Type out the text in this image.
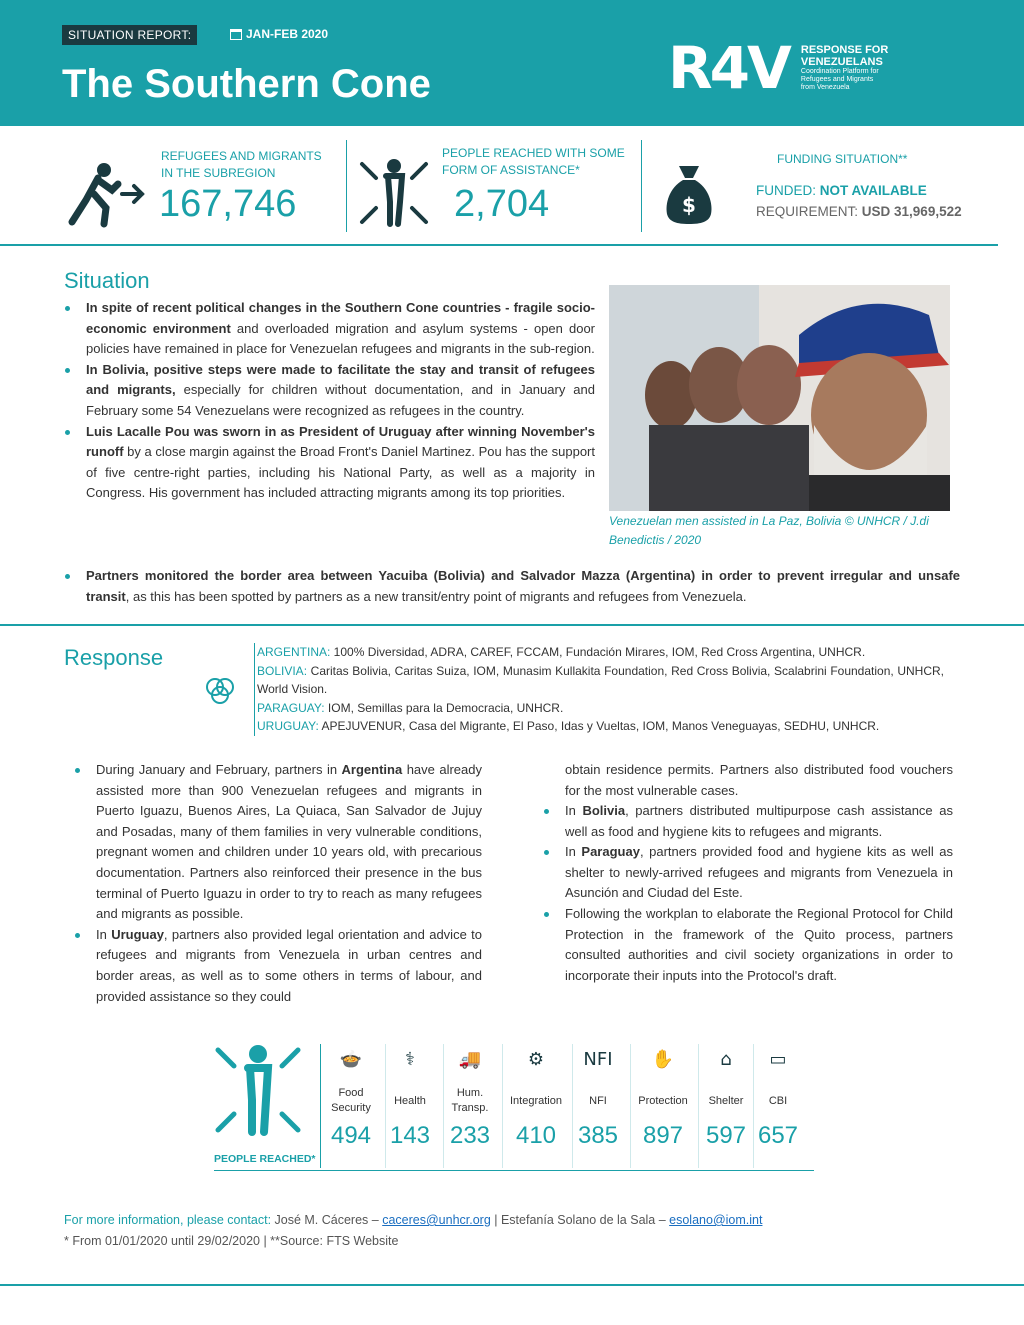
SITUATION REPORT:	JAN-FEB 2020
The Southern Cone	R4V RESPONSE FOR
VENEZUELANS
Coordination Platform for
Refugees and Migrants
from Venezuela
REFUGEES AND MIGRANTS
IN THE SUBREGION
167,746
PEOPLE REACHED WITH SOME
FORM OF ASSISTANCE*
2,704	$
FUNDING SITUATION**
FUNDED: NOT AVAILABLE
REQUIREMENT: USD 31,969,522
Situation
In spite of recent political changes in the Southern Cone countries - fragile socio-economic environment and overloaded migration and asylum systems - open door policies have remained in place for Venezuelan refugees and migrants in the sub-region.
In Bolivia, positive steps were made to facilitate the stay and transit of refugees and migrants, especially for children without documentation, and in January and February some 54 Venezuelans were recognized as refugees in the country.
Luis Lacalle Pou was sworn in as President of Uruguay after winning November's runoff by a close margin against the Broad Front's Daniel Martinez. Pou has the support of five centre-right parties, including his National Party, as well as a majority in Congress. His government has included attracting migrants among its top priorities.
Partners monitored the border area between Yacuiba (Bolivia) and Salvador Mazza (Argentina) in order to prevent irregular and unsafe transit, as this has been spotted by partners as a new transit/entry point of migrants and refugees from Venezuela.
Venezuelan men assisted in La Paz, Bolivia © UNHCR / J.di Benedictis / 2020
Response	ARGENTINA: 100% Diversidad, ADRA, CAREF, FCCAM, Fundación Mirares, IOM, Red Cross Argentina, UNHCR.
BOLIVIA: Caritas Bolivia, Caritas Suiza, IOM, Munasim Kullakita Foundation, Red Cross Bolivia, Scalabrini Foundation, UNHCR, World Vision.
PARAGUAY: IOM, Semillas para la Democracia, UNHCR.
URUGUAY: APEJUVENUR, Casa del Migrante, El Paso, Idas y Vueltas, IOM, Manos Veneguayas, SEDHU, UNHCR.
During January and February, partners in Argentina have already assisted more than 900 Venezuelan refugees and migrants in Puerto Iguazu, Buenos Aires, La Quiaca, San Salvador de Jujuy and Posadas, many of them families in very vulnerable conditions, pregnant women and children under 10 years old, with precarious documentation. Partners also reinforced their presence in the bus terminal of Puerto Iguazu in order to try to reach as many refugees and migrants as possible.
In Uruguay, partners also provided legal orientation and advice to refugees and migrants from Venezuela in urban centres and border areas, as well as to some others in terms of labour, and provided assistance so they could
obtain residence permits. Partners also distributed food vouchers for the most vulnerable cases.
In Bolivia, partners distributed multipurpose cash assistance as well as food and hygiene kits to refugees and migrants.
In Paraguay, partners provided food and hygiene kits as well as shelter to newly-arrived refugees and migrants from Venezuela in Asunción and Ciudad del Este.
Following the workplan to elaborate the Regional Protocol for Child Protection in the framework of the Quito process, partners consulted authorities and civil society organizations in order to incorporate their inputs into the Protocol's draft.
PEOPLE REACHED*
🍲
Food Security
494
⚕
Health
143
🚚
Hum. Transp.
233
⚙
Integration
410
NFI
NFI
385
✋
Protection
897
⌂
Shelter
597
▭
CBI
657
For more information, please contact: José M. Cáceres – caceres@unhcr.org | Estefanía Solano de la Sala – esolano@iom.int
* From 01/01/2020 until 29/02/2020 | **Source: FTS Website
